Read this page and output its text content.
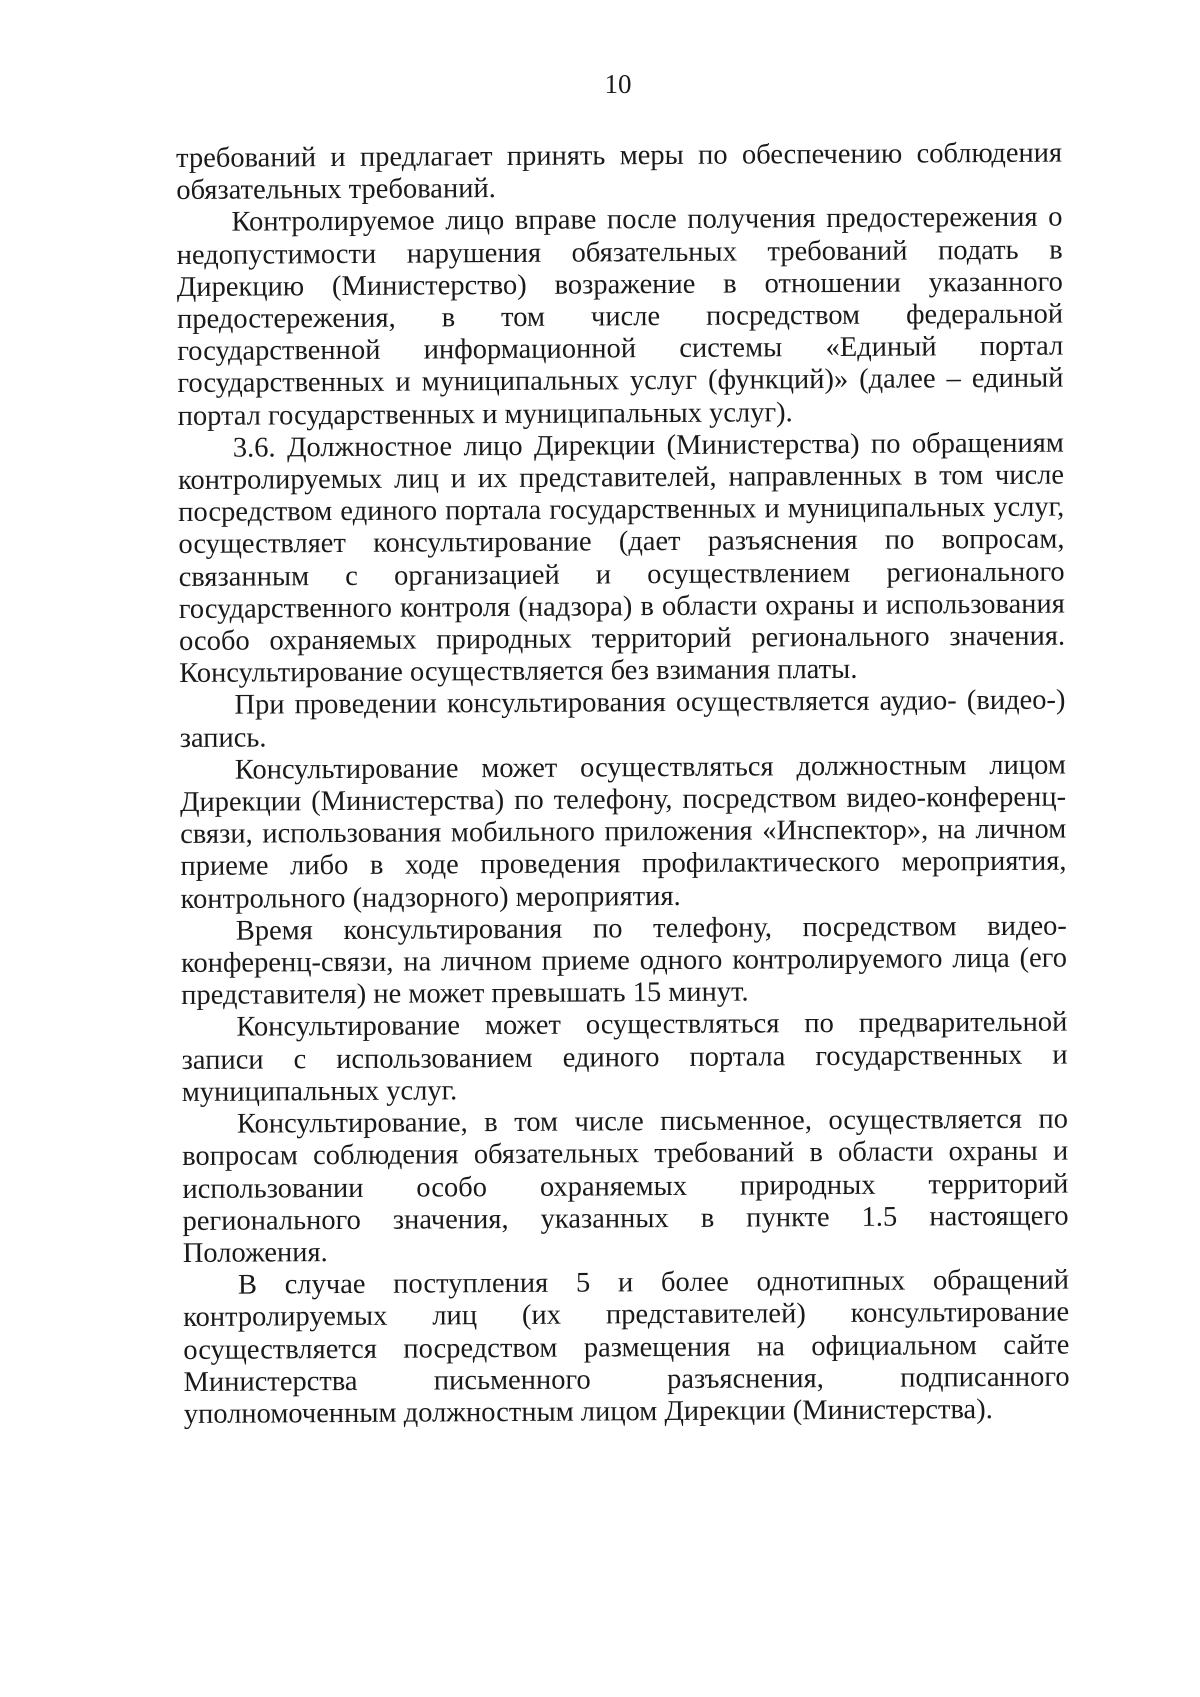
10

требований и предлагает принять меры по обеспечению соблюдения обязательных требований.

Контролируемое лицо вправе после получения предостережения о недопустимости нарушения обязательных требований подать в Дирекцию (Министерство) возражение в отношении указанного предостережения, в том числе посредством федеральной государственной информационной системы «Единый портал государственных и муниципальных услуг (функций)» (далее – единый портал государственных и муниципальных услуг).

3.6. Должностное лицо Дирекции (Министерства) по обращениям контролируемых лиц и их представителей, направленных в том числе посредством единого портала государственных и муниципальных услуг, осуществляет консультирование (дает разъяснения по вопросам, связанным с организацией и осуществлением регионального государственного контроля (надзора) в области охраны и использования особо охраняемых природных территорий регионального значения. Консультирование осуществляется без взимания платы.

При проведении консультирования осуществляется аудио- (видео-) запись.

Консультирование может осуществляться должностным лицом Дирекции (Министерства) по телефону, посредством видео-конференц-связи, использования мобильного приложения «Инспектор», на личном приеме либо в ходе проведения профилактического мероприятия, контрольного (надзорного) мероприятия.

Время консультирования по телефону, посредством видео-конференц-связи, на личном приеме одного контролируемого лица (его представителя) не может превышать 15 минут.

Консультирование может осуществляться по предварительной записи с использованием единого портала государственных и муниципальных услуг.

Консультирование, в том числе письменное, осуществляется по вопросам соблюдения обязательных требований в области охраны и использовании особо охраняемых природных территорий регионального значения, указанных в пункте 1.5 настоящего Положения.

В случае поступления 5 и более однотипных обращений контролируемых лиц (их представителей) консультирование осуществляется посредством размещения на официальном сайте Министерства письменного разъяснения, подписанного уполномоченным должностным лицом Дирекции (Министерства).
